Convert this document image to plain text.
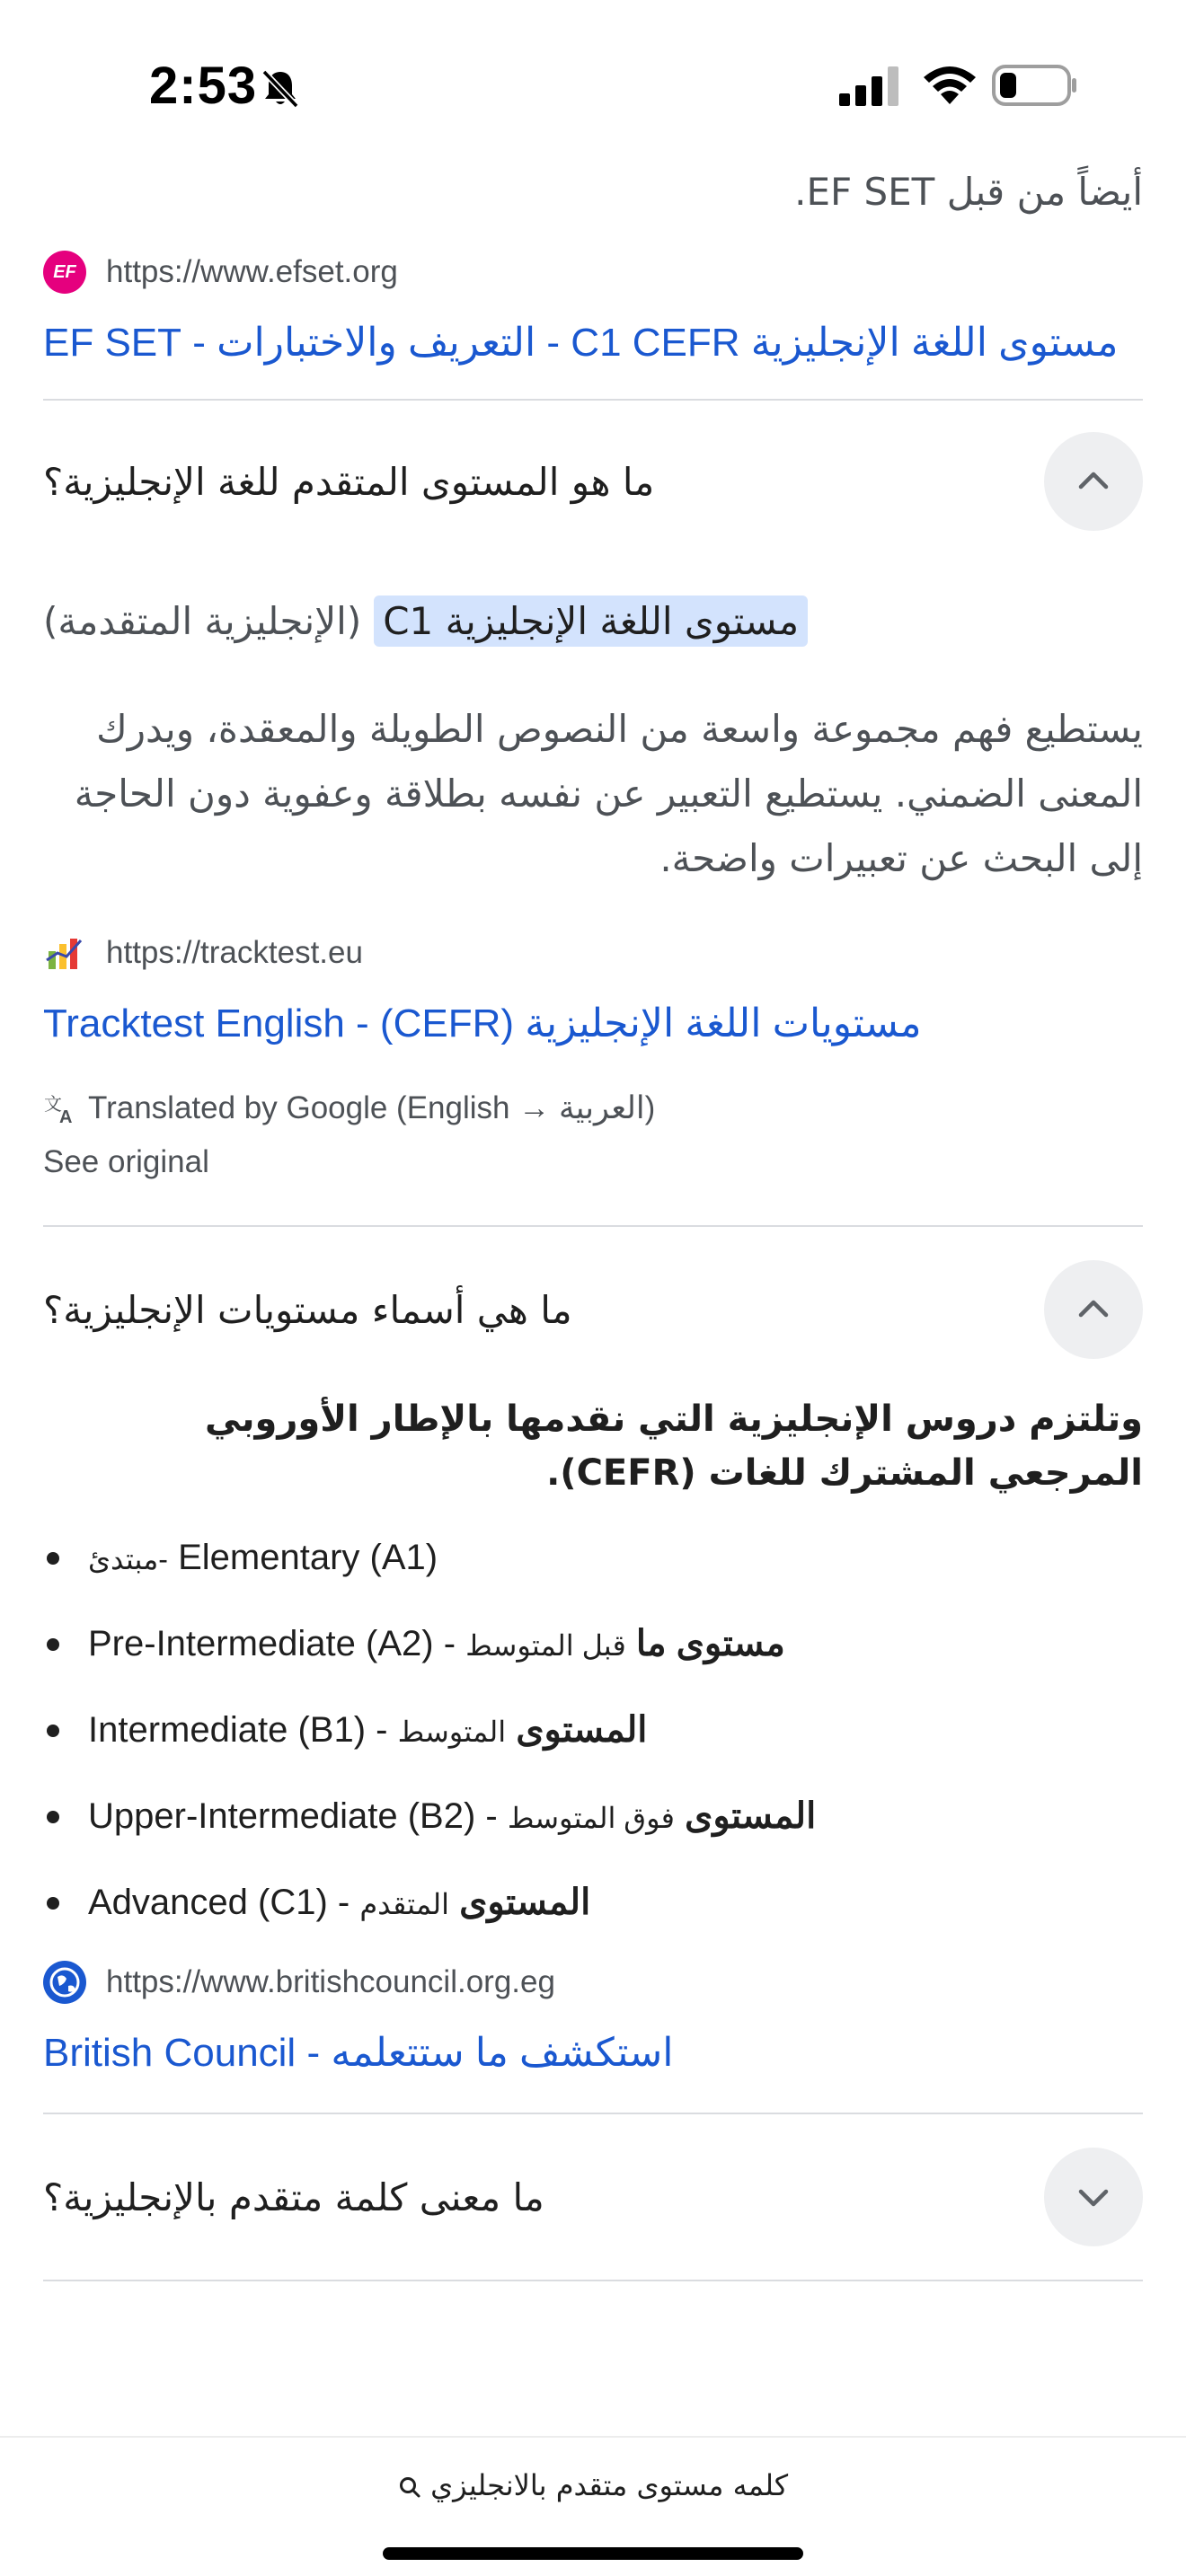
2:53
أيضاً من قبل EF SET.
EF https://www.efset.org
مستوى اللغة الإنجليزية C1 CEFR - التعريف والاختبارات - EF SET
ما هو المستوى المتقدم للغة الإنجليزية؟
(الإنجليزية المتقدمة) مستوى اللغة الإنجليزية C1
يستطيع فهم مجموعة واسعة من النصوص الطويلة والمعقدة، ويدرك المعنى الضمني. يستطيع التعبير عن نفسه بطلاقة وعفوية دون الحاجة إلى البحث عن تعبيرات واضحة.
https://tracktest.eu
مستويات اللغة الإنجليزية (CEFR) - Tracktest English
文
A Translated by Google (English → العربية)
See original
ما هي أسماء مستويات الإنجليزية؟
وتلتزم دروس الإنجليزية التي نقدمها بالإطار الأوروبي المرجعي المشترك للغات (CEFR).
مبتدئ- Elementary (A1)
Pre-Intermediate (A2) -	مستوى ما قبل المتوسط
Intermediate (B1) -	المستوى المتوسط
Upper-Intermediate (B2) -	المستوى فوق المتوسط
Advanced (C1) -	المستوى المتقدم
https://www.britishcouncil.org.eg
استكشف ما ستتعلمه - British Council
ما معنى كلمة متقدم بالإنجليزية؟
كلمه مستوى متقدم بالانجليزي
